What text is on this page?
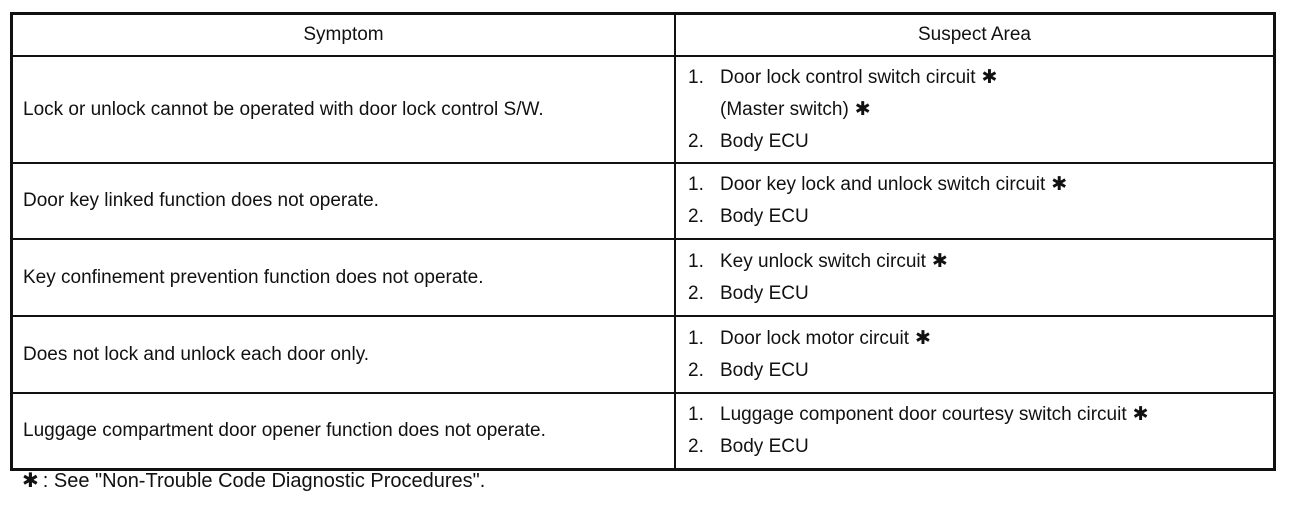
Symptom	Suspect Area
Lock or unlock cannot be operated with door lock control S/W.
1. Door lock control switch circuit ✱
(Master switch) ✱
2. Body ECU
Door key linked function does not operate.
1. Door key lock and unlock switch circuit ✱
2. Body ECU
Key confinement prevention function does not operate.
1. Key unlock switch circuit ✱
2. Body ECU
Does not lock and unlock each door only.
1. Door lock motor circuit ✱
2. Body ECU
Luggage compartment door opener function does not operate.
1. Luggage component door courtesy switch circuit ✱
2. Body ECU
✱ : See "Non-Trouble Code Diagnostic Procedures".
